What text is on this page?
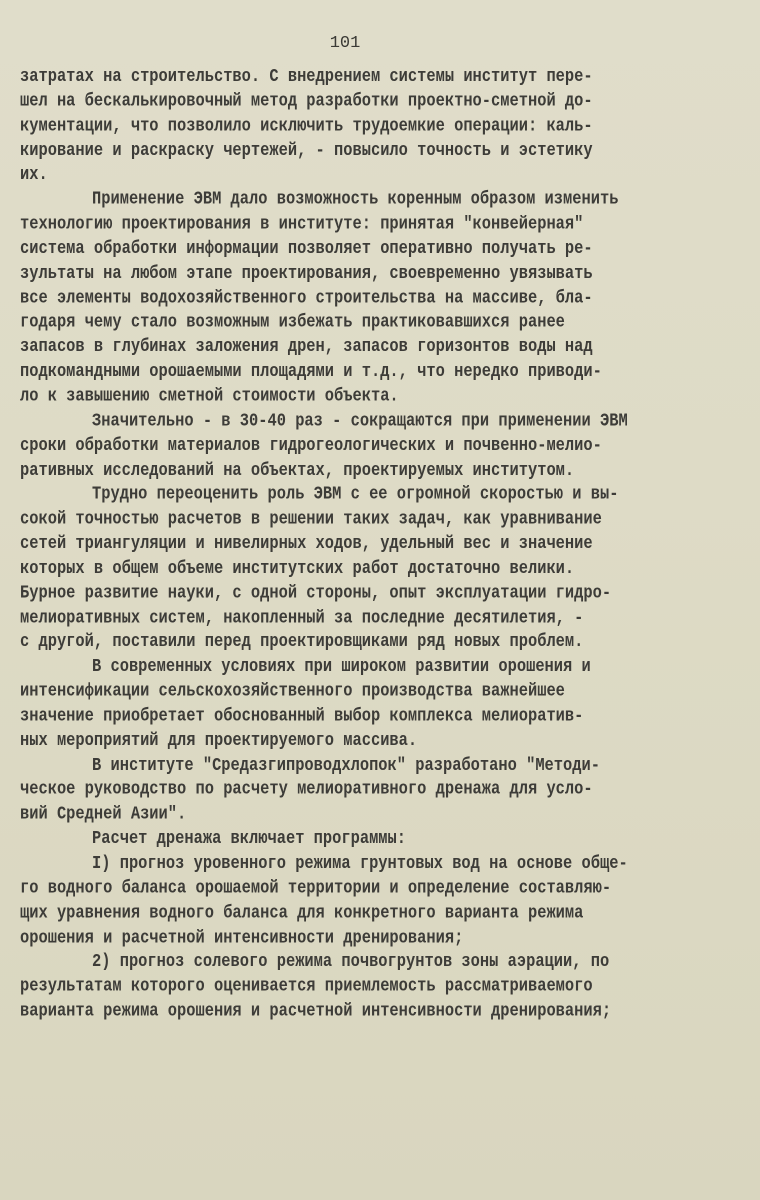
101
затратах на строительство. С внедрением системы институт пере-
шел на бескалькировочный метод разработки проектно-сметной до-
кументации, что позволило исключить трудоемкие операции: каль-
кирование и раскраску чертежей, - повысило точность и эстетику
их.
Применение ЭВМ дало возможность коренным образом изменить
технологию проектирования в институте: принятая "конвейерная"
система обработки информации позволяет оперативно получать ре-
зультаты на любом этапе проектирования, своевременно увязывать
все элементы водохозяйственного строительства на массиве, бла-
годаря чему стало возможным избежать практиковавшихся ранее
запасов в глубинах заложения дрен, запасов горизонтов воды над
подкомандными орошаемыми площадями и т.д., что нередко приводи-
ло к завышению сметной стоимости объекта.
Значительно - в 30-40 раз - сокращаются при применении ЭВМ
сроки обработки материалов гидрогеологических и почвенно-мелио-
ративных исследований на объектах, проектируемых институтом.
Трудно переоценить роль ЭВМ с ее огромной скоростью и вы-
сокой точностью расчетов в решении таких задач, как уравнивание
сетей триангуляции и нивелирных ходов, удельный вес и значение
которых в общем объеме институтских работ достаточно велики.
Бурное развитие науки, с одной стороны, опыт эксплуатации гидро-
мелиоративных систем, накопленный за последние десятилетия, -
с другой, поставили перед проектировщиками ряд новых проблем.
В современных условиях при широком развитии орошения и
интенсификации сельскохозяйственного производства важнейшее
значение приобретает обоснованный выбор комплекса мелиоратив-
ных мероприятий для проектируемого массива.
В институте "Средазгипроводхлопок" разработано "Методи-
ческое руководство по расчету мелиоративного дренажа для усло-
вий Средней Азии".
Расчет дренажа включает программы:
I) прогноз уровенного режима грунтовых вод на основе обще-
го водного баланса орошаемой территории и определение составляю-
щих уравнения водного баланса для конкретного варианта режима
орошения и расчетной интенсивности дренирования;
2) прогноз солевого режима почвогрунтов зоны аэрации, по
результатам которого оценивается приемлемость рассматриваемого
варианта режима орошения и расчетной интенсивности дренирования;
